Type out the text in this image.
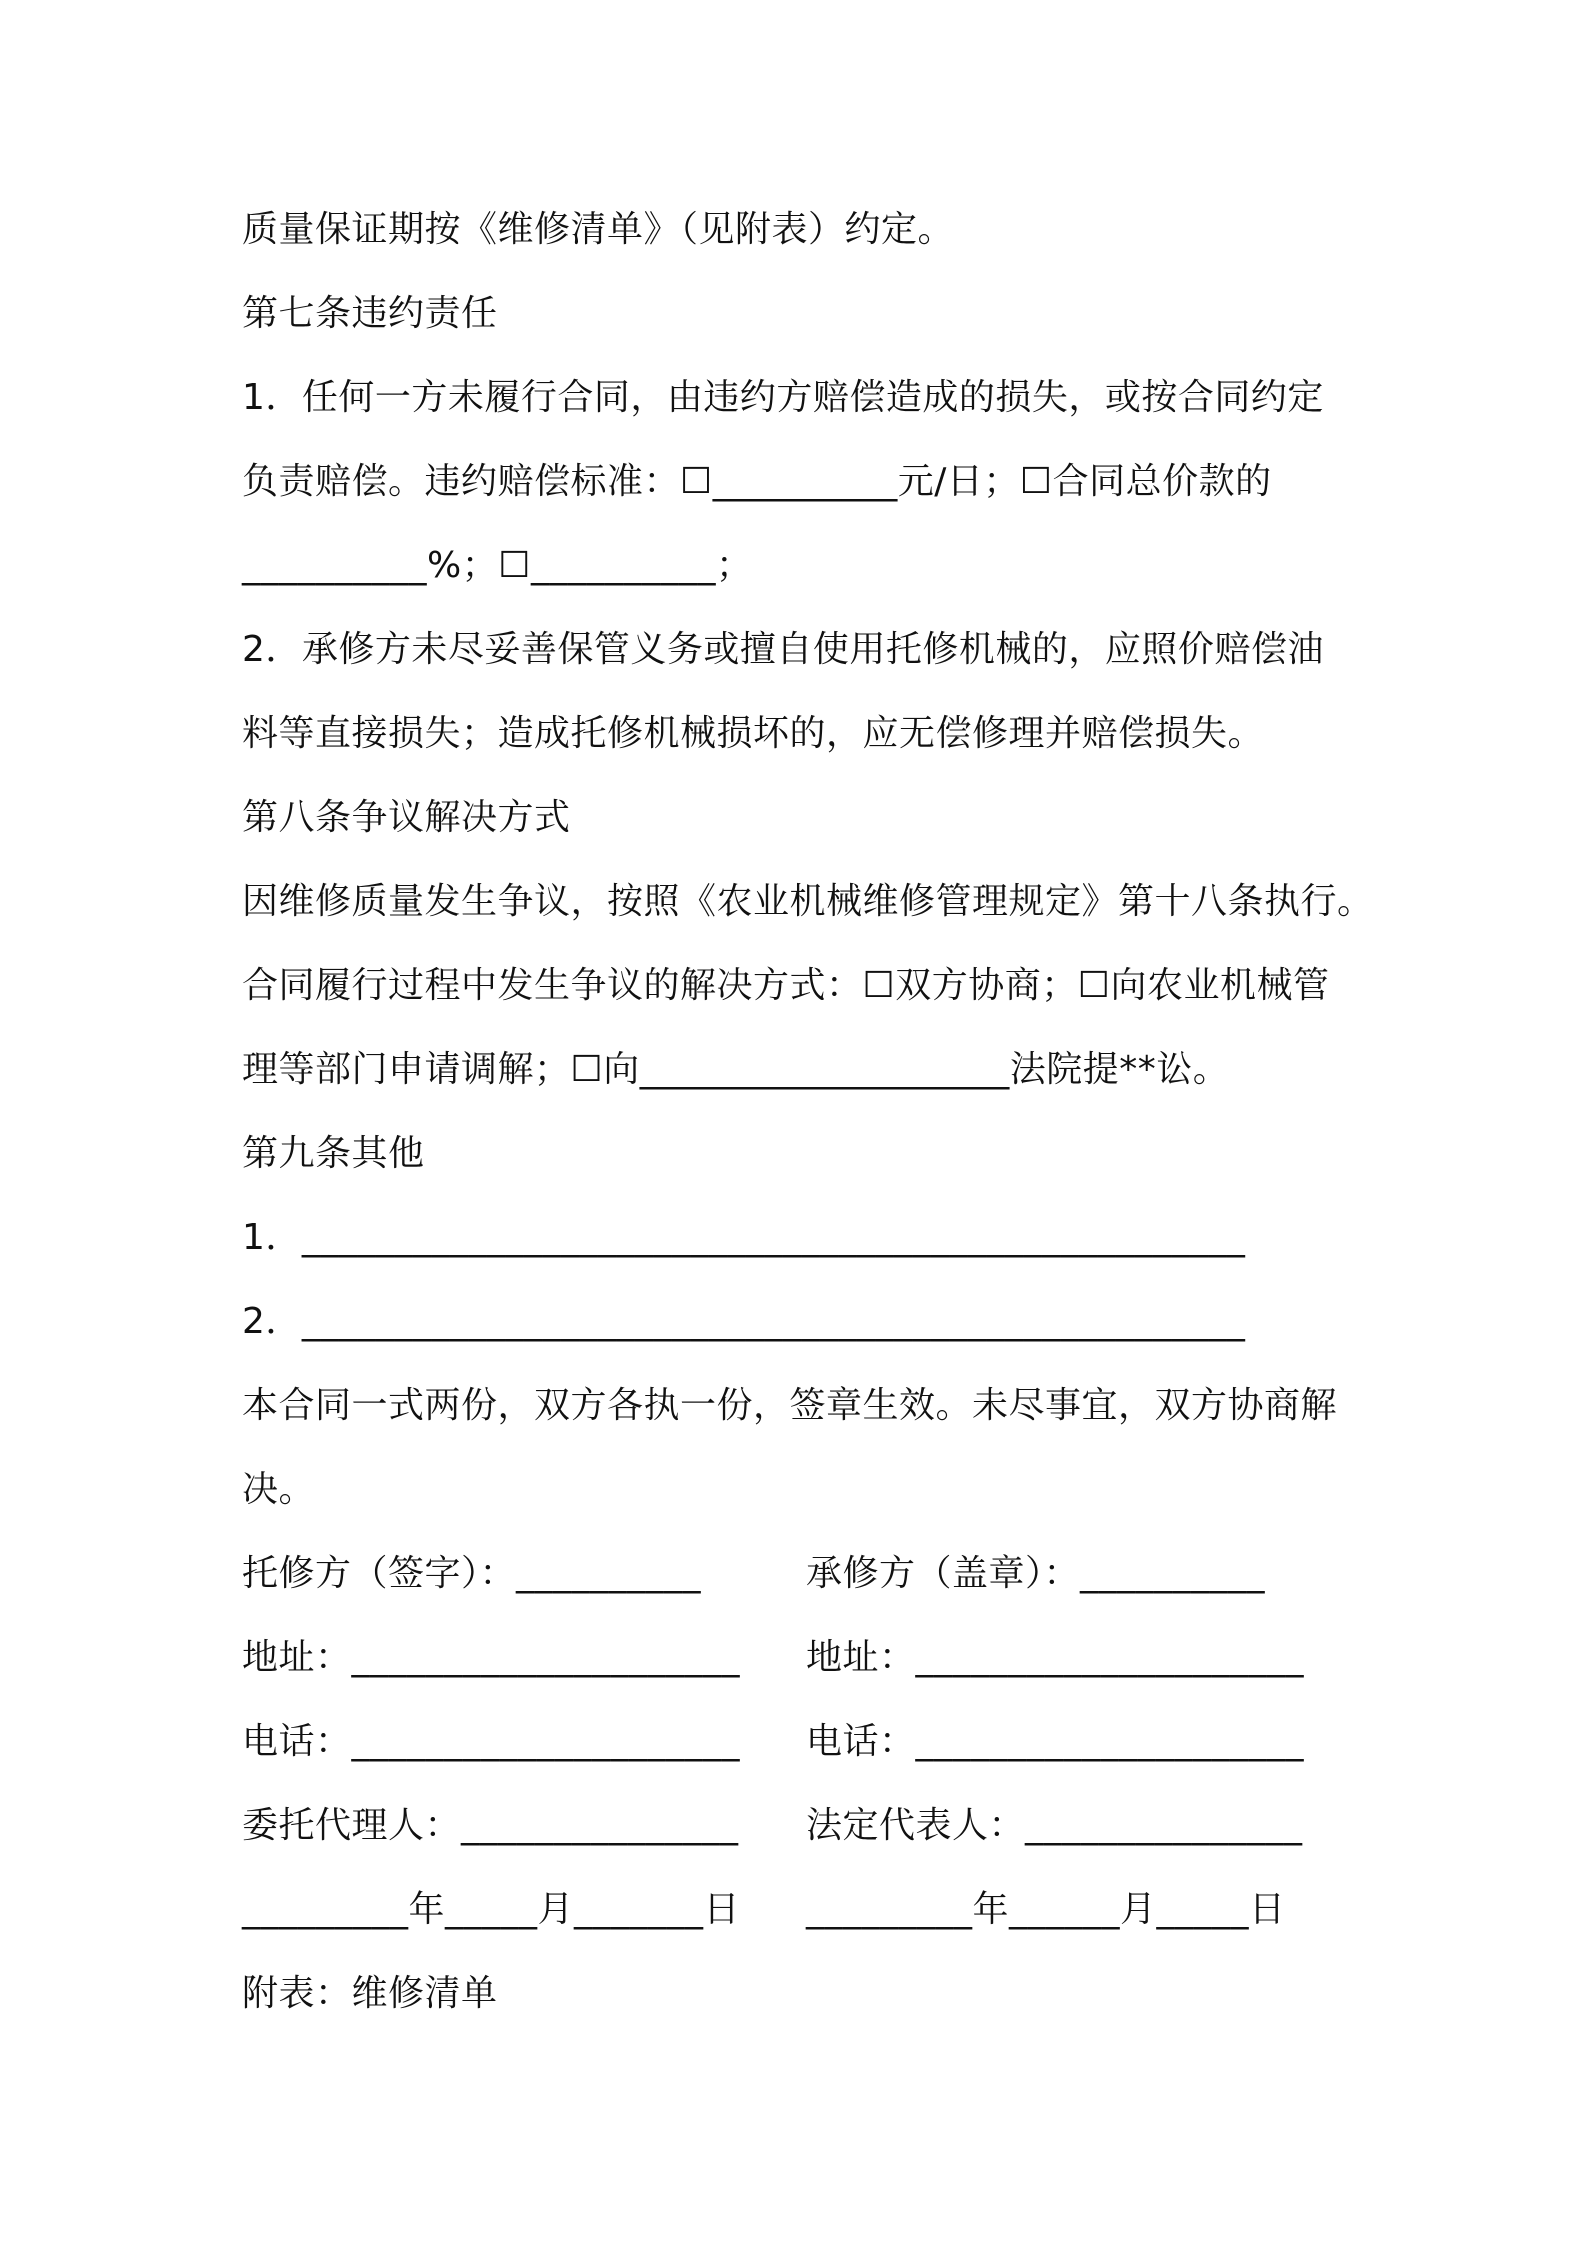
质量保证期按《维修清单》（见附表）约定。
第七条违约责任
1．任何一方未履行合同，由违约方赔偿造成的损失，或按合同约定
负责赔偿。违约赔偿标准：☐__________元/日；☐合同总价款的
__________%；☐__________；
2．承修方未尽妥善保管义务或擅自使用托修机械的，应照价赔偿油
料等直接损失；造成托修机械损坏的，应无偿修理并赔偿损失。
第八条争议解决方式
因维修质量发生争议，按照《农业机械维修管理规定》第十八条执行。
合同履行过程中发生争议的解决方式：☐双方协商；☐向农业机械管
理等部门申请调解；☐向____________________法院提**讼。
第九条其他
1．___________________________________________________
2．___________________________________________________
本合同一式两份，双方各执一份，签章生效。未尽事宜，双方协商解
决。
托修方（签字）：__________	承修方（盖章）：__________
地址：_____________________ 地址：_____________________
电话：_____________________ 电话：_____________________
委托代理人：_______________ 法定代表人：_______________
_________年_____月_______日 _________年______月_____日
附表：维修清单
